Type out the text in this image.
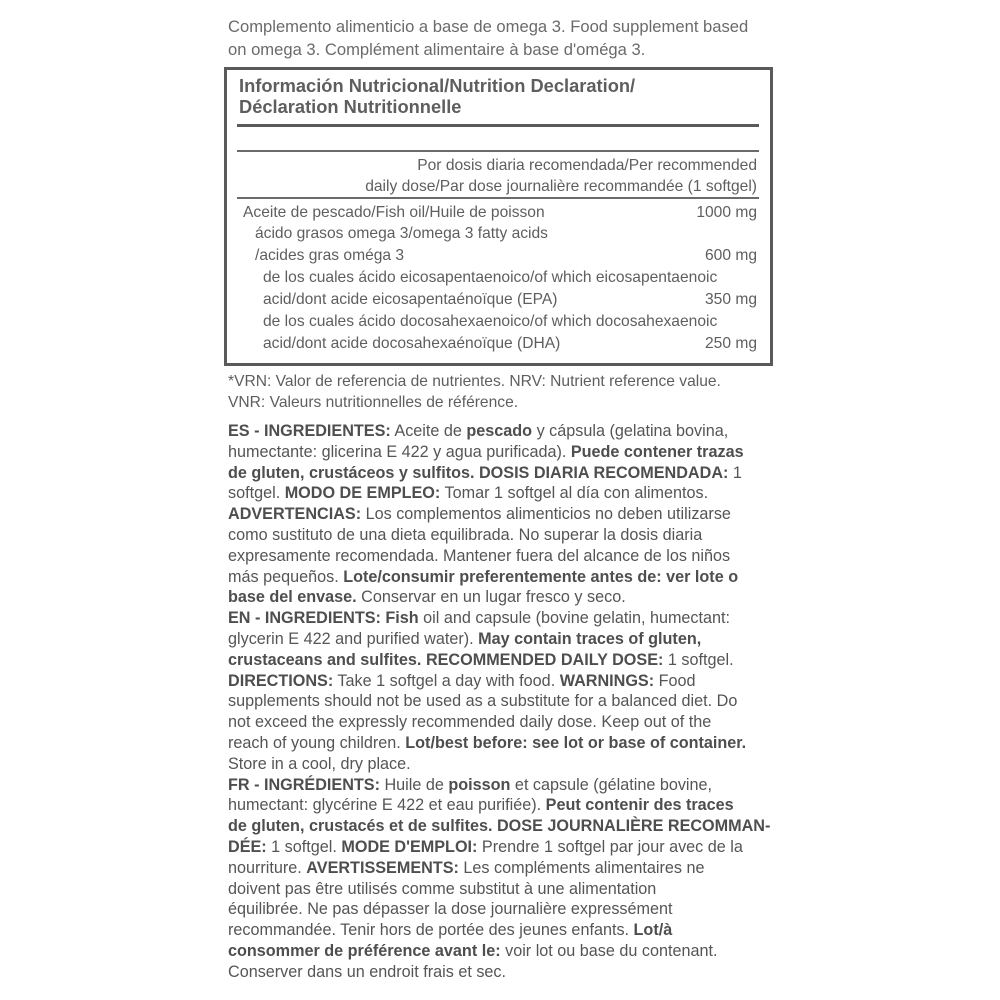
Complemento alimenticio a base de omega 3. Food supplement based
on omega 3. Complément alimentaire à base d'oméga 3.
Información Nutricional/Nutrition Declaration/
Déclaration Nutritionnelle
Por dosis diaria recomendada/Per recommended
daily dose/Par dose journalière recommandée (1 softgel)
Aceite de pescado/Fish oil/Huile de poisson	1000 mg
ácido grasos omega 3/omega 3 fatty acids
/acides gras oméga 3	600 mg
de los cuales ácido eicosapentaenoico/of which eicosapentaenoic
acid/dont acide eicosapentaénoïque (EPA)	350 mg
de los cuales ácido docosahexaenoico/of which docosahexaenoic
acid/dont acide docosahexaénoïque (DHA)	250 mg
*VRN: Valor de referencia de nutrientes. NRV: Nutrient reference value.
VNR: Valeurs nutritionnelles de référence.
ES - INGREDIENTES: Aceite de pescado y cápsula (gelatina bovina,
humectante: glicerina E 422 y agua purificada). Puede contener trazas
de gluten, crustáceos y sulfitos. DOSIS DIARIA RECOMENDADA: 1
softgel. MODO DE EMPLEO: Tomar 1 softgel al día con alimentos.
ADVERTENCIAS: Los complementos alimenticios no deben utilizarse
como sustituto de una dieta equilibrada. No superar la dosis diaria
expresamente recomendada. Mantener fuera del alcance de los niños
más pequeños. Lote/consumir preferentemente antes de: ver lote o
base del envase. Conservar en un lugar fresco y seco.
EN - INGREDIENTS: Fish oil and capsule (bovine gelatin, humectant:
glycerin E 422 and purified water). May contain traces of gluten,
crustaceans and sulfites. RECOMMENDED DAILY DOSE: 1 softgel.
DIRECTIONS: Take 1 softgel a day with food. WARNINGS: Food
supplements should not be used as a substitute for a balanced diet. Do
not exceed the expressly recommended daily dose. Keep out of the
reach of young children. Lot/best before: see lot or base of container.
Store in a cool, dry place.
FR - INGRÉDIENTS: Huile de poisson et capsule (gélatine bovine,
humectant: glycérine E 422 et eau purifiée). Peut contenir des traces
de gluten, crustacés et de sulfites. DOSE JOURNALIÈRE RECOMMAN-
DÉE: 1 softgel. MODE D'EMPLOI: Prendre 1 softgel par jour avec de la
nourriture. AVERTISSEMENTS: Les compléments alimentaires ne
doivent pas être utilisés comme substitut à une alimentation
équilibrée. Ne pas dépasser la dose journalière expressément
recommandée. Tenir hors de portée des jeunes enfants. Lot/à
consommer de préférence avant le: voir lot ou base du contenant.
Conserver dans un endroit frais et sec.
